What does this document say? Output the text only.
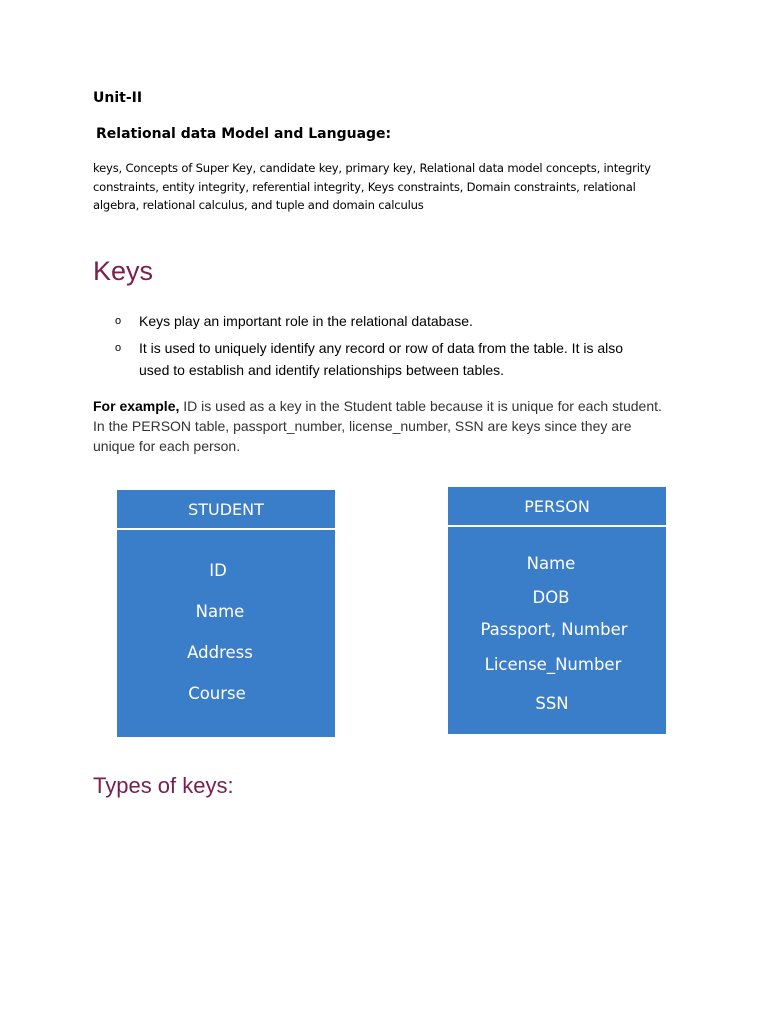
Unit-II
Relational data Model and Language:
keys, Concepts of Super Key, candidate key, primary key, Relational data model concepts, integrity constraints, entity integrity, referential integrity, Keys constraints, Domain constraints, relational algebra, relational calculus, and tuple and domain calculus
Keys
o Keys play an important role in the relational database.
o It is used to uniquely identify any record or row of data from the table. It is also used to establish and identify relationships between tables.
For example, ID is used as a key in the Student table because it is unique for each student. In the PERSON table, passport_number, license_number, SSN are keys since they are unique for each person.
STUDENT
ID
Name
Address
Course
PERSON
Name
DOB
Passport, Number
License_Number
SSN
Types of keys:
